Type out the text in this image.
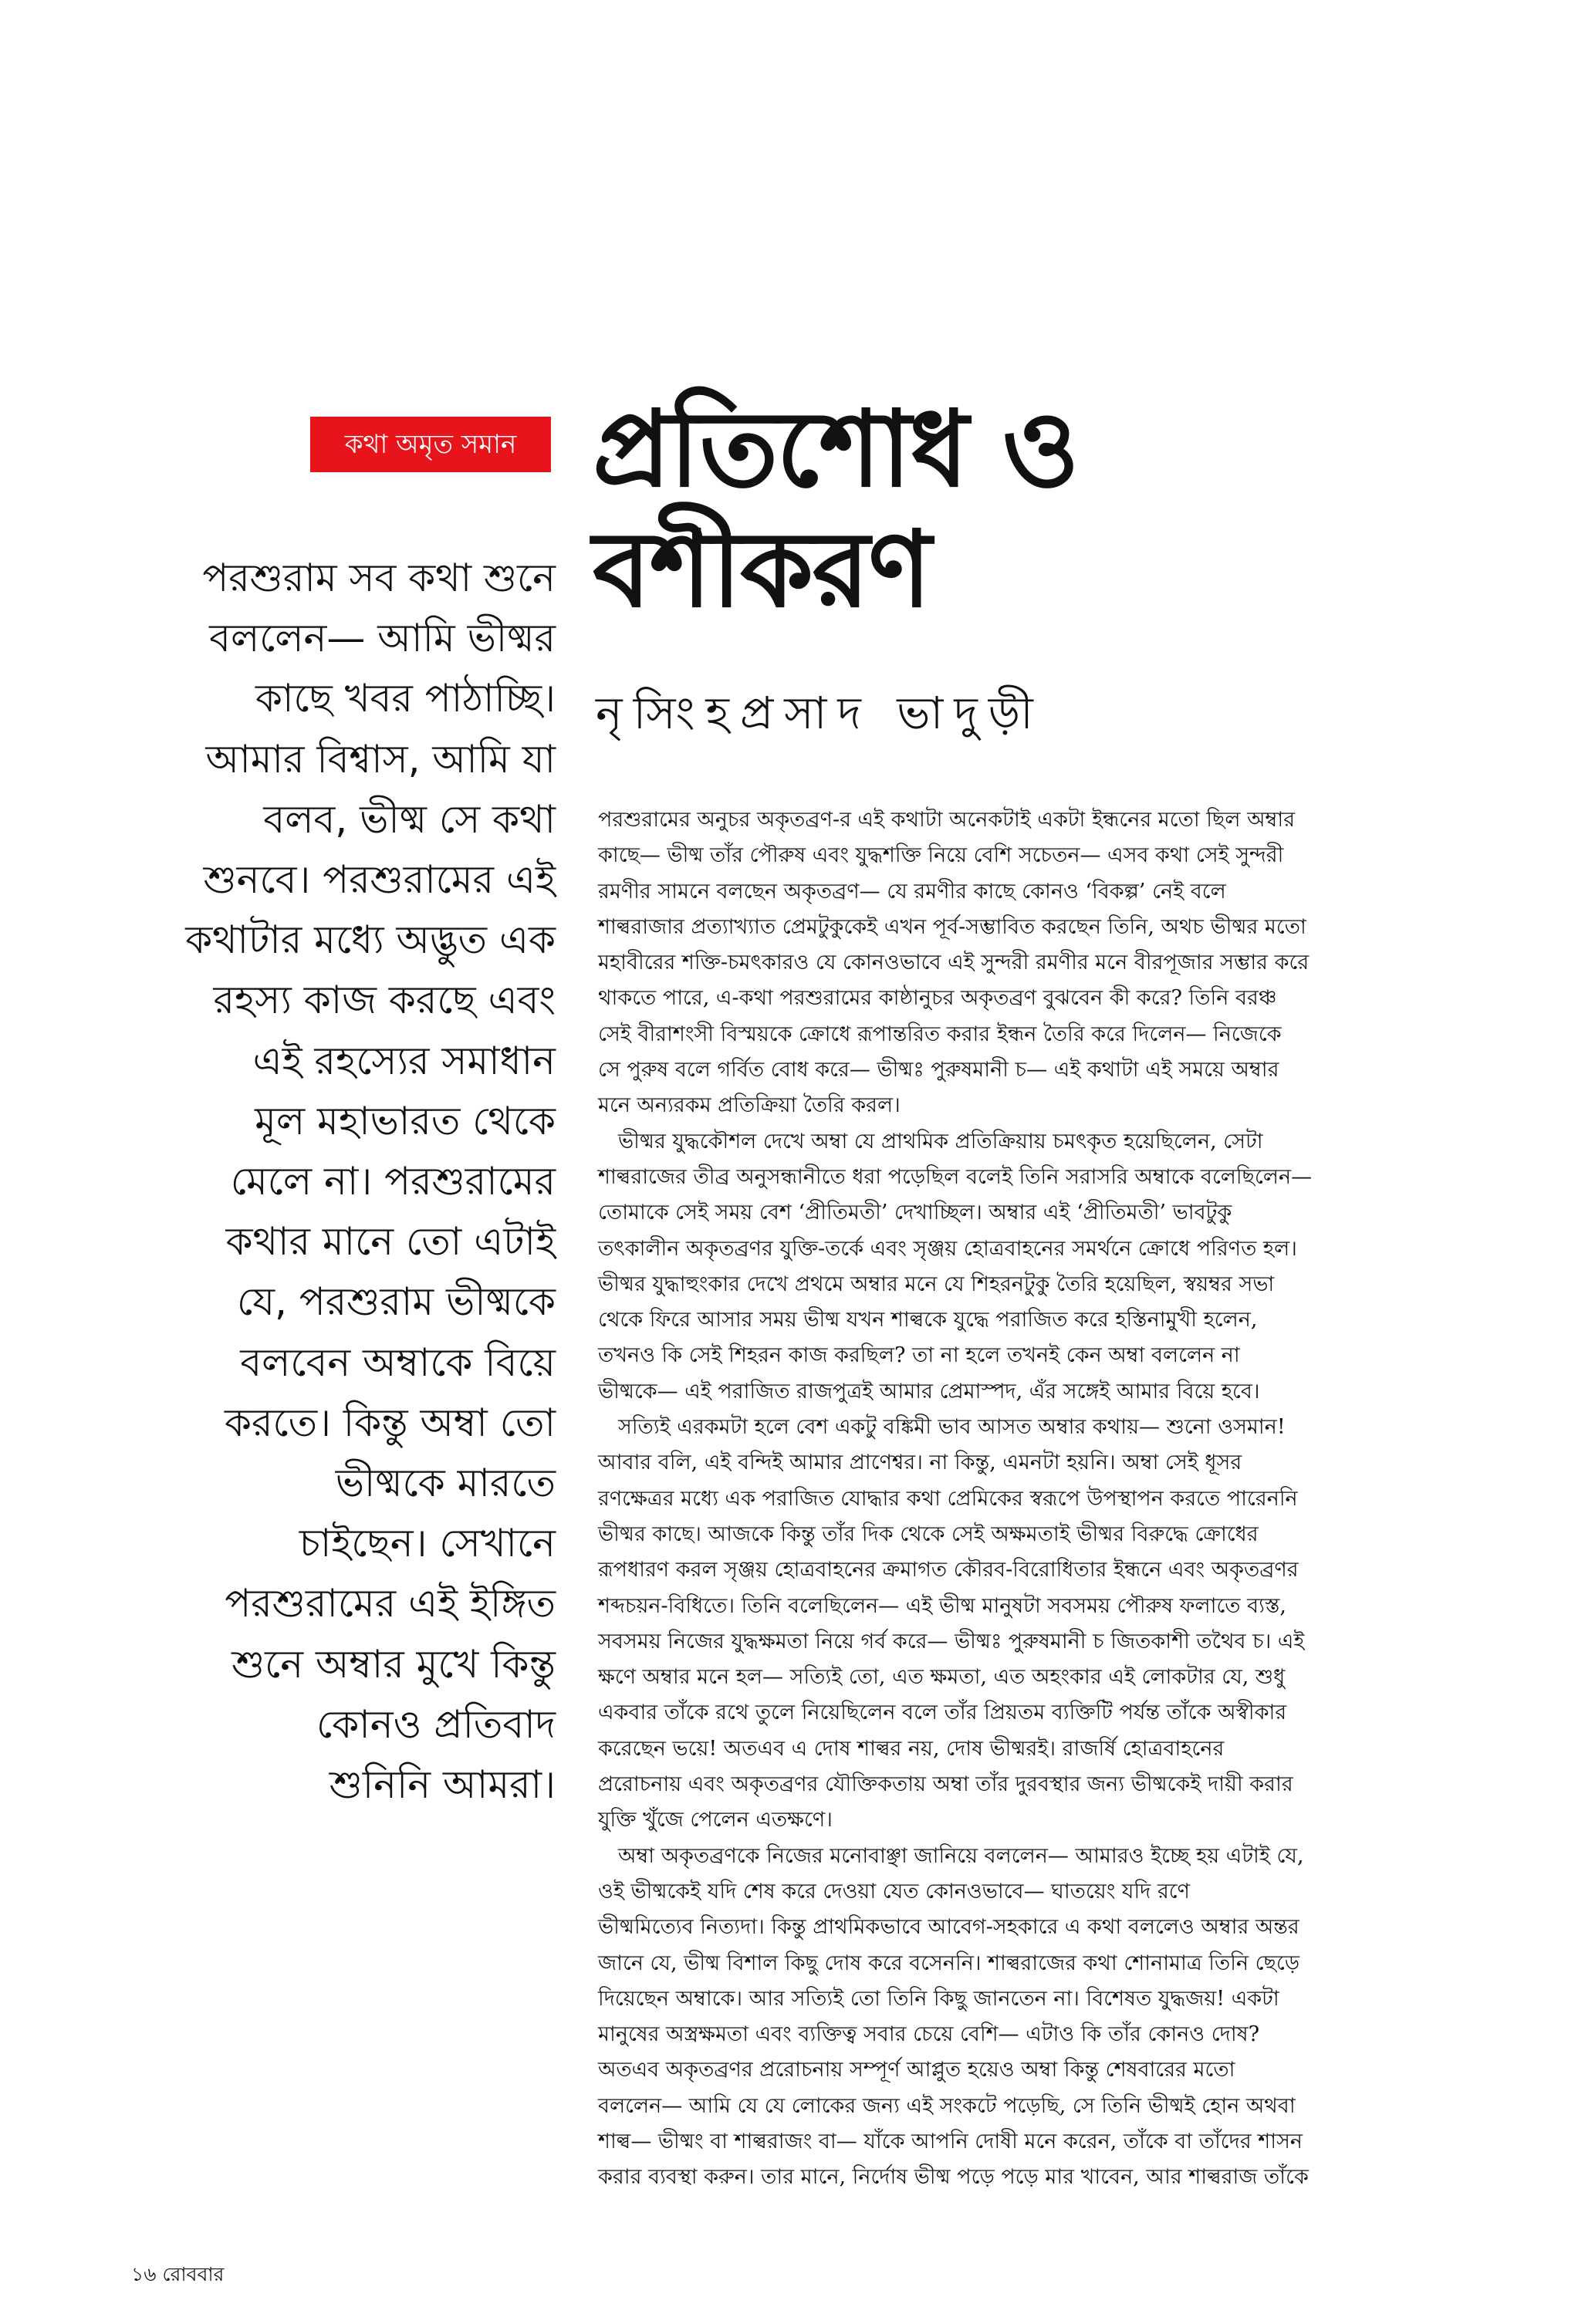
কথা অমৃত সমান প্রতিশোধ ও
বশীকরণ
নৃসিংহপ্রসাদ ভাদুড়ী
পরশুরাম সব কথা শুনে
বললেন— আমি ভীষ্মর
কাছে খবর পাঠাচ্ছি।
আমার বিশ্বাস, আমি যা
বলব, ভীষ্ম সে কথা
শুনবে। পরশুরামের এই
কথাটার মধ্যে অদ্ভুত এক
রহস্য কাজ করছে এবং
এই রহস্যের সমাধান
মূল মহাভারত থেকে
মেলে না। পরশুরামের
কথার মানে তো এটাই
যে, পরশুরাম ভীষ্মকে
বলবেন অম্বাকে বিয়ে
করতে। কিন্তু অম্বা তো
ভীষ্মকে মারতে
চাইছেন। সেখানে
পরশুরামের এই ইঙ্গিত
শুনে অম্বার মুখে কিন্তু
কোনও প্রতিবাদ
শুনিনি আমরা।
পরশুরামের অনুচর অকৃতব্রণ-র এই কথাটা অনেকটাই একটা ইন্ধনের মতো ছিল অম্বার
কাছে— ভীষ্ম তাঁর পৌরুষ এবং যুদ্ধশক্তি নিয়ে বেশি সচেতন— এসব কথা সেই সুন্দরী
রমণীর সামনে বলছেন অকৃতব্রণ— যে রমণীর কাছে কোনও ‘বিকল্প’ নেই বলে
শাল্বরাজার প্রত্যাখ্যাত প্রেমটুকুকেই এখন পূর্ব-সম্ভাবিত করছেন তিনি, অথচ ভীষ্মর মতো
মহাবীরের শক্তি-চমৎকারও যে কোনওভাবে এই সুন্দরী রমণীর মনে বীরপূজার সম্ভার করে
থাকতে পারে, এ-কথা পরশুরামের কাষ্ঠানুচর অকৃতব্রণ বুঝবেন কী করে? তিনি বরঞ্চ
সেই বীরাশংসী বিস্ময়কে ক্রোধে রূপান্তরিত করার ইন্ধন তৈরি করে দিলেন— নিজেকে
সে পুরুষ বলে গর্বিত বোধ করে— ভীষ্মঃ পুরুষমানী চ— এই কথাটা এই সময়ে অম্বার
মনে অন্যরকম প্রতিক্রিয়া তৈরি করল।
ভীষ্মর যুদ্ধকৌশল দেখে অম্বা যে প্রাথমিক প্রতিক্রিয়ায় চমৎকৃত হয়েছিলেন, সেটা
শাল্বরাজের তীব্র অনুসন্ধানীতে ধরা পড়েছিল বলেই তিনি সরাসরি অম্বাকে বলেছিলেন—
তোমাকে সেই সময় বেশ ‘প্রীতিমতী’ দেখাচ্ছিল। অম্বার এই ‘প্রীতিমতী’ ভাবটুকু
তৎকালীন অকৃতব্রণর যুক্তি-তর্কে এবং সৃঞ্জয় হোত্রবাহনের সমর্থনে ক্রোধে পরিণত হল।
ভীষ্মর যুদ্ধাহুংকার দেখে প্রথমে অম্বার মনে যে শিহরনটুকু তৈরি হয়েছিল, স্বয়ম্বর সভা
থেকে ফিরে আসার সময় ভীষ্ম যখন শাল্বকে যুদ্ধে পরাজিত করে হস্তিনামুখী হলেন,
তখনও কি সেই শিহরন কাজ করছিল? তা না হলে তখনই কেন অম্বা বললেন না
ভীষ্মকে— এই পরাজিত রাজপুত্রই আমার প্রেমাস্পদ, এঁর সঙ্গেই আমার বিয়ে হবে।
সত্যিই এরকমটা হলে বেশ একটু বঙ্কিমী ভাব আসত অম্বার কথায়— শুনো ওসমান!
আবার বলি, এই বন্দিই আমার প্রাণেশ্বর। না কিন্তু, এমনটা হয়নি। অম্বা সেই ধূসর
রণক্ষেত্রর মধ্যে এক পরাজিত যোদ্ধার কথা প্রেমিকের স্বরূপে উপস্থাপন করতে পারেননি
ভীষ্মর কাছে। আজকে কিন্তু তাঁর দিক থেকে সেই অক্ষমতাই ভীষ্মর বিরুদ্ধে ক্রোধের
রূপধারণ করল সৃঞ্জয় হোত্রবাহনের ক্রমাগত কৌরব-বিরোধিতার ইন্ধনে এবং অকৃতব্রণর
শব্দচয়ন-বিধিতে। তিনি বলেছিলেন— এই ভীষ্ম মানুষটা সবসময় পৌরুষ ফলাতে ব্যস্ত,
সবসময় নিজের যুদ্ধক্ষমতা নিয়ে গর্ব করে— ভীষ্মঃ পুরুষমানী চ জিতকাশী তথৈব চ। এই
ক্ষণে অম্বার মনে হল— সত্যিই তো, এত ক্ষমতা, এত অহংকার এই লোকটার যে, শুধু
একবার তাঁকে রথে তুলে নিয়েছিলেন বলে তাঁর প্রিয়তম ব্যক্তিটি পর্যন্ত তাঁকে অস্বীকার
করেছেন ভয়ে! অতএব এ দোষ শাল্বর নয়, দোষ ভীষ্মরই। রাজর্ষি হোত্রবাহনের
প্ররোচনায় এবং অকৃতব্রণর যৌক্তিকতায় অম্বা তাঁর দুরবস্থার জন্য ভীষ্মকেই দায়ী করার
যুক্তি খুঁজে পেলেন এতক্ষণে।
অম্বা অকৃতব্রণকে নিজের মনোবাঞ্ছা জানিয়ে বললেন— আমারও ইচ্ছে হয় এটাই যে,
ওই ভীষ্মকেই যদি শেষ করে দেওয়া যেত কোনওভাবে— ঘাতয়েং যদি রণে
ভীষ্মমিত্যেব নিত্যদা। কিন্তু প্রাথমিকভাবে আবেগ-সহকারে এ কথা বললেও অম্বার অন্তর
জানে যে, ভীষ্ম বিশাল কিছু দোষ করে বসেননি। শাল্বরাজের কথা শোনামাত্র তিনি ছেড়ে
দিয়েছেন অম্বাকে। আর সত্যিই তো তিনি কিছু জানতেন না। বিশেষত যুদ্ধজয়! একটা
মানুষের অস্ত্রক্ষমতা এবং ব্যক্তিত্ব সবার চেয়ে বেশি— এটাও কি তাঁর কোনও দোষ?
অতএব অকৃতব্রণর প্ররোচনায় সম্পূর্ণ আপ্লুত হয়েও অম্বা কিন্তু শেষবারের মতো
বললেন— আমি যে যে লোকের জন্য এই সংকটে পড়েছি, সে তিনি ভীষ্মই হোন অথবা
শাল্ব— ভীষ্মং বা শাল্বরাজং বা— যাঁকে আপনি দোষী মনে করেন, তাঁকে বা তাঁদের শাসন
করার ব্যবস্থা করুন। তার মানে, নির্দোষ ভীষ্ম পড়ে পড়ে মার খাবেন, আর শাল্বরাজ তাঁকে
১৬ রোববার
